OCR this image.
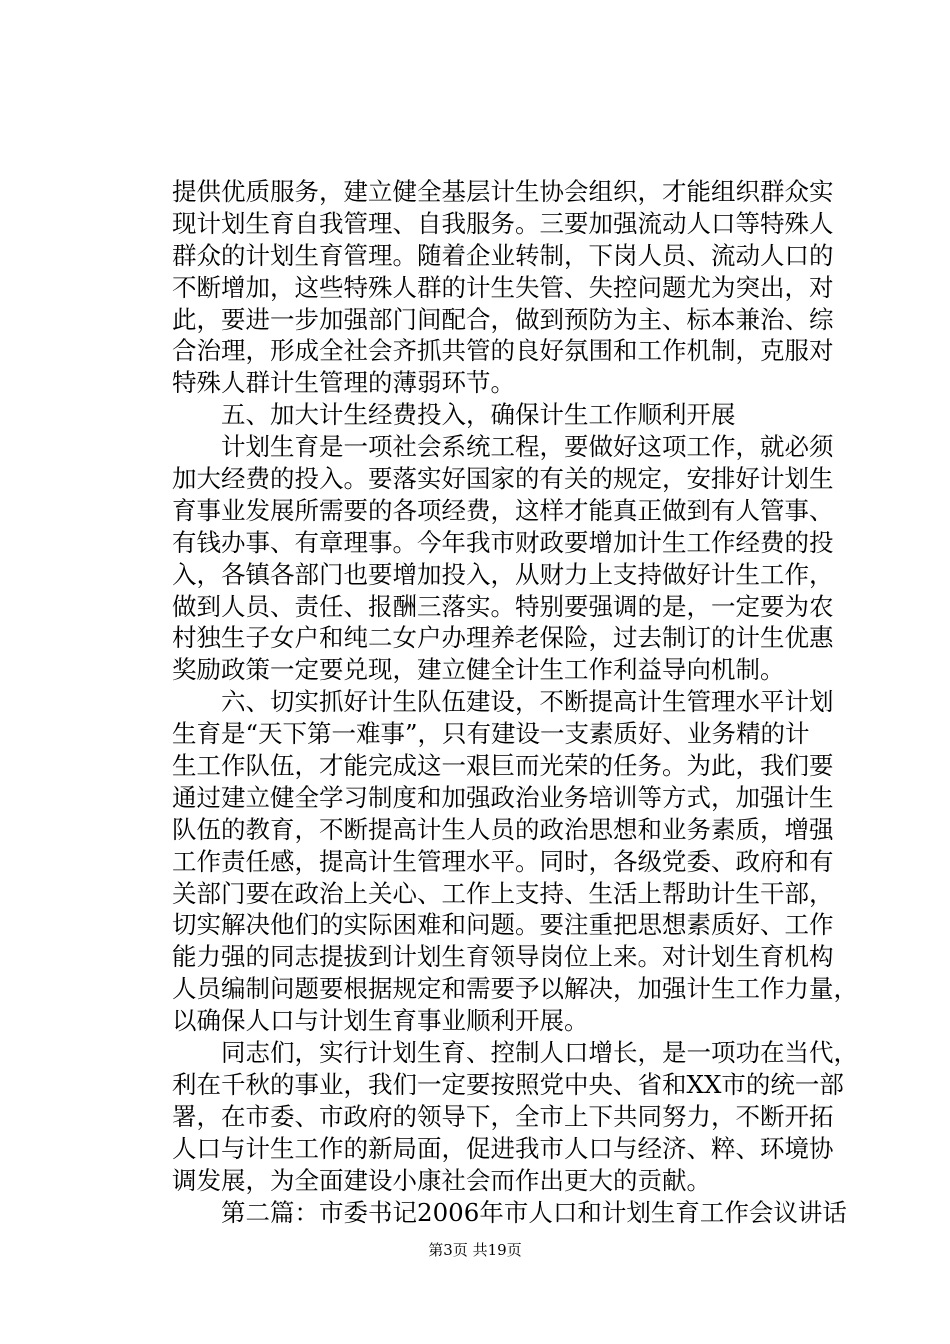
提供优质服务，建立健全基层计生协会组织，才能组织群众实
现计划生育自我管理、自我服务。三要加强流动人口等特殊人
群众的计划生育管理。随着企业转制，下岗人员、流动人口的
不断增加，这些特殊人群的计生失管、失控问题尤为突出，对
此，要进一步加强部门间配合，做到预防为主、标本兼治、综
合治理，形成全社会齐抓共管的良好氛围和工作机制，克服对
特殊人群计生管理的薄弱环节。
　　五、加大计生经费投入，确保计生工作顺利开展
　　计划生育是一项社会系统工程，要做好这项工作，就必须
加大经费的投入。要落实好国家的有关的规定，安排好计划生
育事业发展所需要的各项经费，这样才能真正做到有人管事、
有钱办事、有章理事。今年我市财政要增加计生工作经费的投
入，各镇各部门也要增加投入，从财力上支持做好计生工作，
做到人员、责任、报酬三落实。特别要强调的是，一定要为农
村独生子女户和纯二女户办理养老保险，过去制订的计生优惠
奖励政策一定要兑现，建立健全计生工作利益导向机制。
　　六、切实抓好计生队伍建设，不断提高计生管理水平计划
生育是“天下第一难事”，只有建设一支素质好、业务精的计
生工作队伍，才能完成这一艰巨而光荣的任务。为此，我们要
通过建立健全学习制度和加强政治业务培训等方式，加强计生
队伍的教育，不断提高计生人员的政治思想和业务素质，增强
工作责任感，提高计生管理水平。同时，各级党委、政府和有
关部门要在政治上关心、工作上支持、生活上帮助计生干部，
切实解决他们的实际困难和问题。要注重把思想素质好、工作
能力强的同志提拔到计划生育领导岗位上来。对计划生育机构
人员编制问题要根据规定和需要予以解决，加强计生工作力量，
以确保人口与计划生育事业顺利开展。
　　同志们，实行计划生育、控制人口增长，是一项功在当代，
利在千秋的事业，我们一定要按照党中央、省和XX市的统一部
署，在市委、市政府的领导下，全市上下共同努力，不断开拓
人口与计生工作的新局面，促进我市人口与经济、粹、环境协
调发展，为全面建设小康社会而作出更大的贡献。
　　第二篇：市委书记2006年市人口和计划生育工作会议讲话
第3页 共19页
